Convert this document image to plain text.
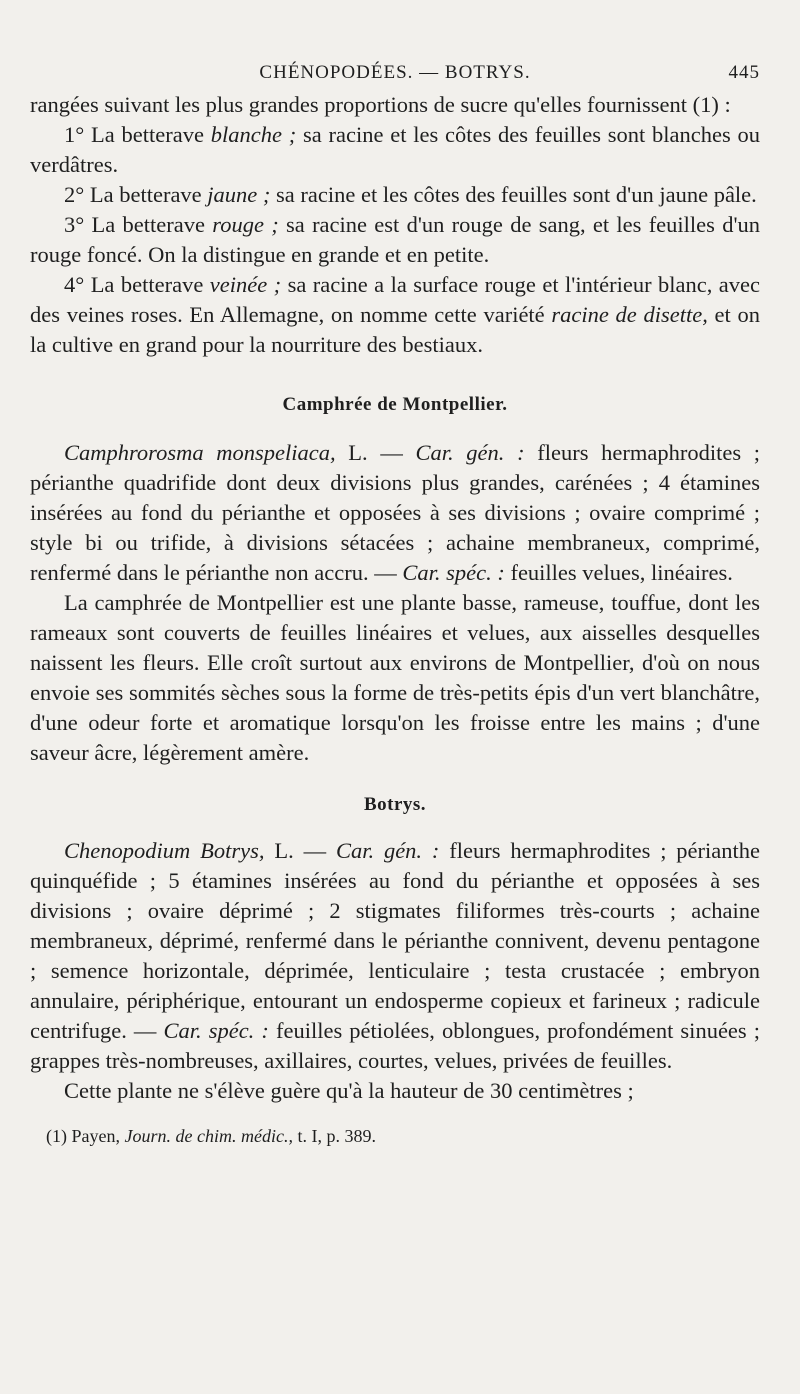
CHÉNOPODÉES. — BOTRYS.	445

rangées suivant les plus grandes proportions de sucre qu'elles fournissent (1) :

1° La betterave blanche ; sa racine et les côtes des feuilles sont blanches ou verdâtres.

2° La betterave jaune ; sa racine et les côtes des feuilles sont d'un jaune pâle.

3° La betterave rouge ; sa racine est d'un rouge de sang, et les feuilles d'un rouge foncé. On la distingue en grande et en petite.

4° La betterave veinée ; sa racine a la surface rouge et l'intérieur blanc, avec des veines roses. En Allemagne, on nomme cette variété racine de disette, et on la cultive en grand pour la nourriture des bestiaux.

Camphrée de Montpellier.

Camphrorosma monspeliaca, L. — Car. gén. : fleurs hermaphrodites ; périanthe quadrifide dont deux divisions plus grandes, carénées ; 4 étamines insérées au fond du périanthe et opposées à ses divisions ; ovaire comprimé ; style bi ou trifide, à divisions sétacées ; achaine membraneux, comprimé, renfermé dans le périanthe non accru. — Car. spéc. : feuilles velues, linéaires.

La camphrée de Montpellier est une plante basse, rameuse, touffue, dont les rameaux sont couverts de feuilles linéaires et velues, aux aisselles desquelles naissent les fleurs. Elle croît surtout aux environs de Montpellier, d'où on nous envoie ses sommités sèches sous la forme de très-petits épis d'un vert blanchâtre, d'une odeur forte et aromatique lorsqu'on les froisse entre les mains ; d'une saveur âcre, légèrement amère.

Botrys.

Chenopodium Botrys, L. — Car. gén. : fleurs hermaphrodites ; périanthe quinquéfide ; 5 étamines insérées au fond du périanthe et opposées à ses divisions ; ovaire déprimé ; 2 stigmates filiformes très-courts ; achaine membraneux, déprimé, renfermé dans le périanthe connivent, devenu pentagone ; semence horizontale, déprimée, lenticulaire ; testa crustacée ; embryon annulaire, périphérique, entourant un endosperme copieux et farineux ; radicule centrifuge. — Car. spéc. : feuilles pétiolées, oblongues, profondément sinuées ; grappes très-nombreuses, axillaires, courtes, velues, privées de feuilles.

Cette plante ne s'élève guère qu'à la hauteur de 30 centimètres ;

(1) Payen, Journ. de chim. médic., t. I, p. 389.
